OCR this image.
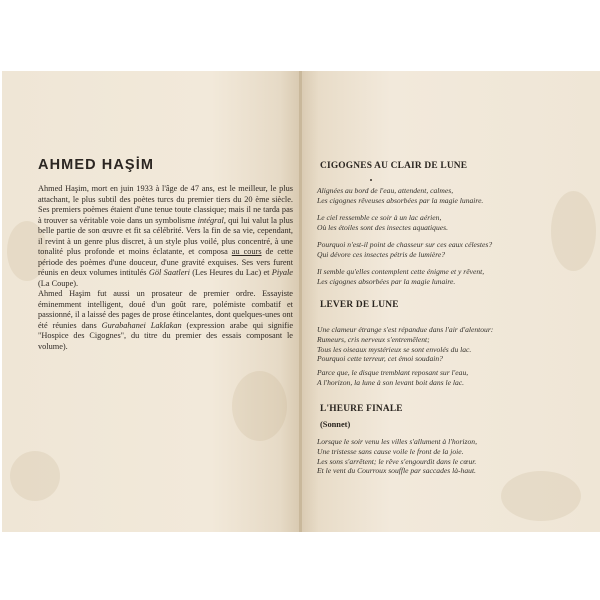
AHMED HAŞİM

Ahmed Haşim, mort en juin 1933 à l'âge de 47 ans, est le meilleur, le plus attachant, le plus subtil des poètes turcs du premier tiers du 20 ème siècle. Ses premiers poèmes étaient d'une tenue toute classique; mais il ne tarda pas à trouver sa véritable voie dans un symbolisme intégral, qui lui valut la plus belle partie de son œuvre et fit sa célébrité. Vers la fin de sa vie, cependant, il revint à un genre plus discret, à un style plus voilé, plus concentré, à une tonalité plus profonde et moins éclatante, et composa au cours de cette période des poèmes d'une douceur, d'une gravité exquises. Ses vers furent réunis en deux volumes intitulés Göl Saatleri (Les Heures du Lac) et Piyale (La Coupe).

Ahmed Haşim fut aussi un prosateur de premier ordre. Essayiste éminemment intelligent, doué d'un goût rare, polémiste combatif et passionné, il a laissé des pages de prose étincelantes, dont quelques-unes ont été réunies dans Gurabahanei Laklakan (expression arabe qui signifie "Hospice des Cigognes", du titre du premier des essais composant le volume).

CIGOGNES AU CLAIR DE LUNE
Alignées au bord de l'eau, attendent, calmes,
Les cigognes rêveuses absorbées par la magie lunaire.
Le ciel ressemble ce soir à un lac aérien,
Où les étoiles sont des insectes aquatiques.
Pourquoi n'est-il point de chasseur sur ces eaux célestes?
Qui dévore ces insectes pétris de lumière?
Il semble qu'elles contemplent cette énigme et y rêvent,
Les cigognes absorbées par la magie lunaire.
LEVER DE LUNE
Une clameur étrange s'est répandue dans l'air d'alentour:
Rumeurs, cris nerveux s'entremêlent;
Tous les oiseaux mystérieux se sont envolés du lac.
Pourquoi cette terreur, cet émoi soudain?
Parce que, le disque tremblant reposant sur l'eau,
A l'horizon, la lune à son levant boit dans le lac.
L'HEURE FINALE
(Sonnet)
Lorsque le soir venu les villes s'allument à l'horizon,
Une tristesse sans cause voile le front de la joie.
Les sons s'arrêtent; le rêve s'engourdit dans le cœur.
Et le vent du Courroux souffle par saccades là-haut.
